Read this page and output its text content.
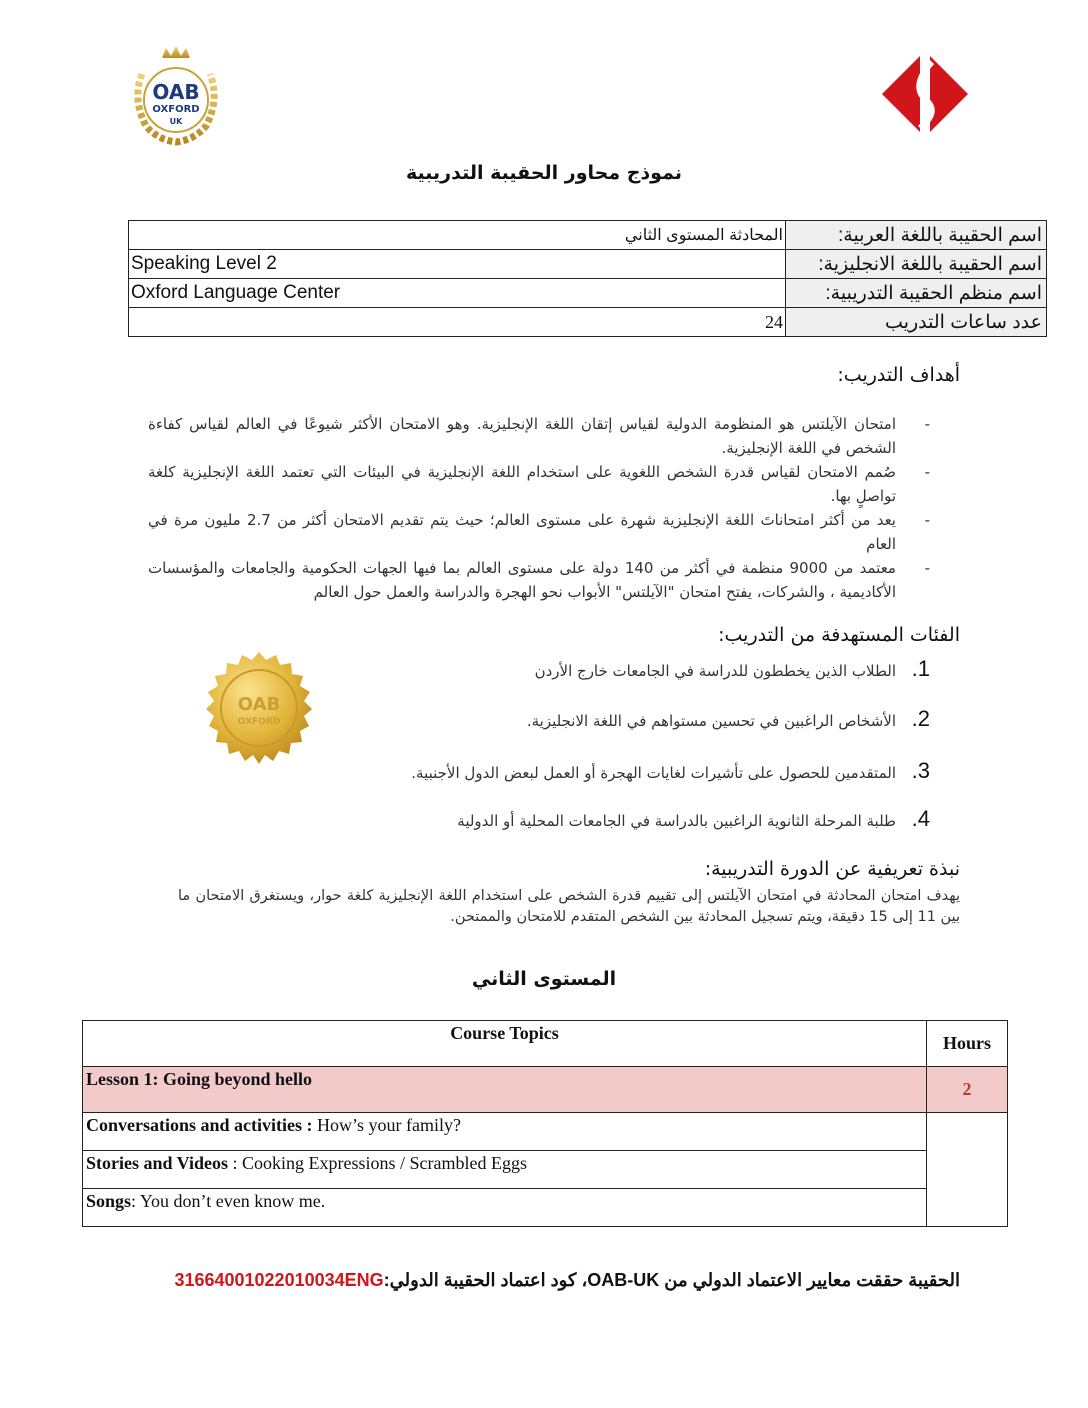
OAB
OXFORD
UK
نموذج محاور الحقيبة التدريبية
المحادثة المستوى الثاني	اسم الحقيبة باللغة العربية:
Speaking Level 2	اسم الحقيبة باللغة الانجليزية:
Oxford Language Center	اسم منظم الحقيبة التدريبية:
24	عدد ساعات التدريب
أهداف التدريب:
-
امتحان الآيلتس هو المنظومة الدولية لقياس إتقان اللغة الإنجليزية. وهو الامتحان الأكثر شيوعًا في العالم لقياس كفاءة الشخص في اللغة الإنجليزية.
-
صُمم الامتحان لقياس قدرة الشخص اللغوية على استخدام اللغة الإنجليزية في البيئات التي تعتمد اللغة الإنجليزية كلغة تواصلٍ بها.
-
يعد من أكثر امتحاناتَ اللغة الإنجليزية شهرة على مستوى العالم؛ حيث يتم تقديم الامتحان أكثر من 2.7 مليون مرة في العام
-
معتمد من 9000 منظمة في أكثر من 140 دولة على مستوى العالم بما فيها الجهات الحكومية والجامعات والمؤسسات الأكاديمية ، والشركات، يفتح امتحان "الآيلتس" الأبواب نحو الهجرة والدراسة والعمل حول العالم
الفئات المستهدفة من التدريب:
OAB
OXFORD
1.الطلاب الذين يخططون للدراسة في الجامعات خارج الأردن
2.الأشخاص الراغبين في تحسين مستواهم في اللغة الانجليزية.
3.المتقدمين للحصول على تأشيرات لغايات الهجرة أو العمل لبعض الدول الأجنبية.
4.طلبة المرحلة الثانوية الراغبين بالدراسة في الجامعات المحلية أو الدولية
نبذة تعريفية عن الدورة التدريبية:
يهدف امتحان المحادثة في امتحان الآيلتس إلى تقييم قدرة الشخص على استخدام اللغة الإنجليزية كلغة حوار، ويستغرق الامتحان ما بين 11 إلى 15 دقيقة، ويتم تسجيل المحادثة بين الشخص المتقدم للامتحان والممتحن.
المستوى الثاني
Course Topics	Hours
Lesson 1: Going beyond hello	2
Conversations and activities : How’s your family?	
Stories and Videos : Cooking Expressions / Scrambled Eggs	
Songs: You don’t even know me.	
الحقيبة حققت معايير الاعتماد الدولي من OAB-UK، كود اعتماد الحقيبة الدولي:3166400102201003​4ENG
